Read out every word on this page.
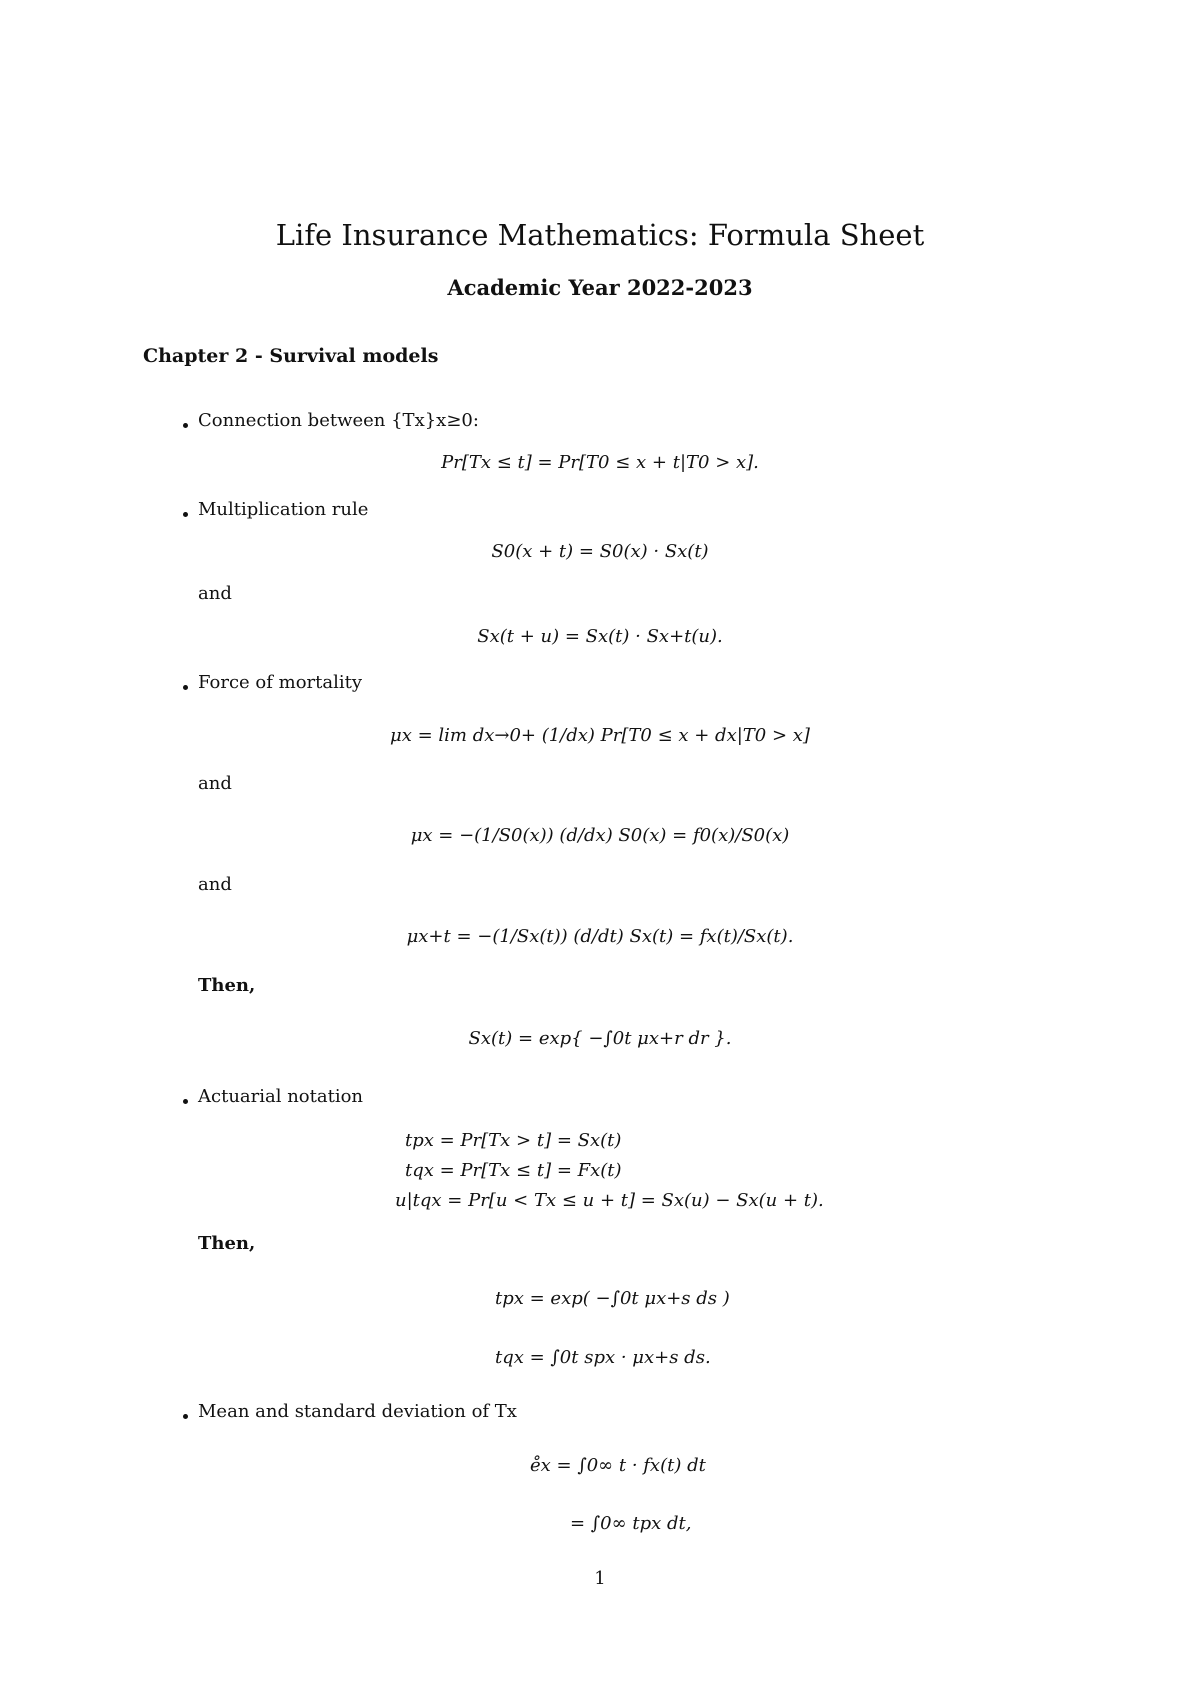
Life Insurance Mathematics: Formula Sheet
Academic Year 2022-2023
Chapter 2 - Survival models
Connection between {Tx}x≥0:
Pr[Tx ≤ t] = Pr[T0 ≤ x + t|T0 > x].
Multiplication rule
S0(x + t) = S0(x) · Sx(t)
and
Sx(t + u) = Sx(t) · Sx+t(u).
Force of mortality
μx = lim dx→0+ (1/dx) Pr[T0 ≤ x + dx|T0 > x]
and
μx = −(1/S0(x)) (d/dx) S0(x) = f0(x)/S0(x)
and
μx+t = −(1/Sx(t)) (d/dt) Sx(t) = fx(t)/Sx(t).
Then,
Sx(t) = exp{ −∫0t μx+r dr }.
Actuarial notation
tpx = Pr[Tx > t] = Sx(t)
tqx = Pr[Tx ≤ t] = Fx(t)
u|tqx = Pr[u < Tx ≤ u + t] = Sx(u) − Sx(u + t).
Then,
tpx = exp( −∫0t μx+s ds )
tqx = ∫0t spx · μx+s ds.
Mean and standard deviation of Tx
e̊x = ∫0∞ t · fx(t) dt
= ∫0∞ tpx dt,
1
